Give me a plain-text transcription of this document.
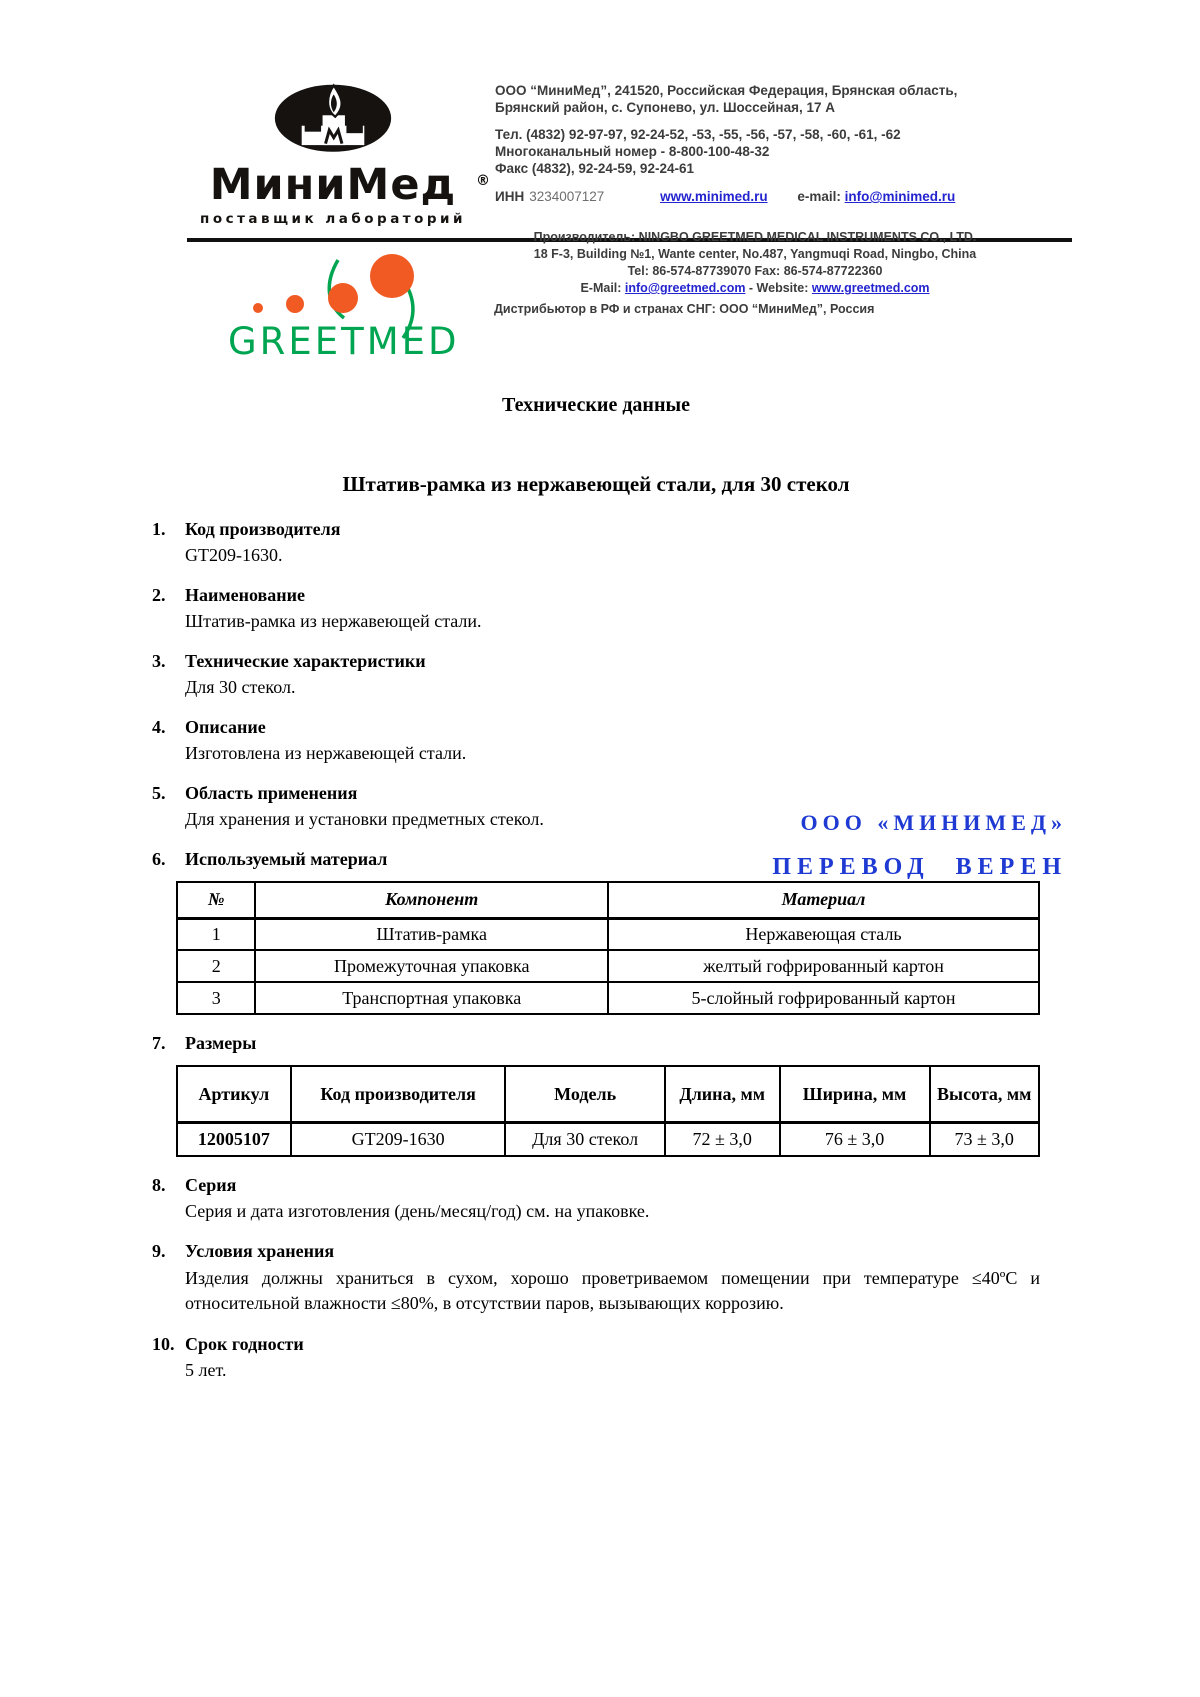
МиниМед ®
поставщик лабораторий
ООО “МиниМед”, 241520, Российская Федерация, Брянская область,
Брянский район, с. Супонево, ул. Шоссейная, 17 А
Тел. (4832) 92-97-97, 92-24-52, -53, -55, -56, -57, -58, -60, -61, -62
Многоканальный номер - 8-800-100-48-32
Факс (4832), 92-24-59, 92-24-61
ИНН 3234007127	www.minimed.ru e-mail: info@minimed.ru
GREETMED
Производитель: NINGBO GREETMED MEDICAL INSTRUMENTS CO., LTD.
18 F-3, Building №1, Wante center, No.487, Yangmuqi Road, Ningbo, China
Tel: 86-574-87739070 Fax: 86-574-87722360
E-Mail: info@greetmed.com - Website: www.greetmed.com
Дистрибьютор в РФ и странах СНГ: ООО “МиниМед”, Россия
ООО «МИНИМЕД»
ПЕРЕВОД ВЕРЕН
Технические данные
Штатив-рамка из нержавеющей стали, для 30 стекол
1.	Код производителя
GT209-1630.
2.	Наименование
Штатив-рамка из нержавеющей стали.
3.	Технические характеристики
Для 30 стекол.
4.	Описание
Изготовлена из нержавеющей стали.
5.	Область применения
Для хранения и установки предметных стекол.
6.	Используемый материал
№	Компонент	Материал
1	Штатив-рамка	Нержавеющая сталь
2	Промежуточная упаковка	желтый гофрированный картон
3	Транспортная упаковка	5-слойный гофрированный картон
7.	Размеры
Артикул	Код производителя	Модель	Длина, мм	Ширина, мм	Высота, мм
12005107	GT209-1630	Для 30 стекол	72 ± 3,0	76 ± 3,0	73 ± 3,0
8.	Серия
Серия и дата изготовления (день/месяц/год) см. на упаковке.
9.	Условия хранения
Изделия должны храниться в сухом, хорошо проветриваемом помещении при температуре ≤40ºС и относительной влажности ≤80%, в отсутствии паров, вызывающих коррозию.
10. Срок годности
5 лет.
